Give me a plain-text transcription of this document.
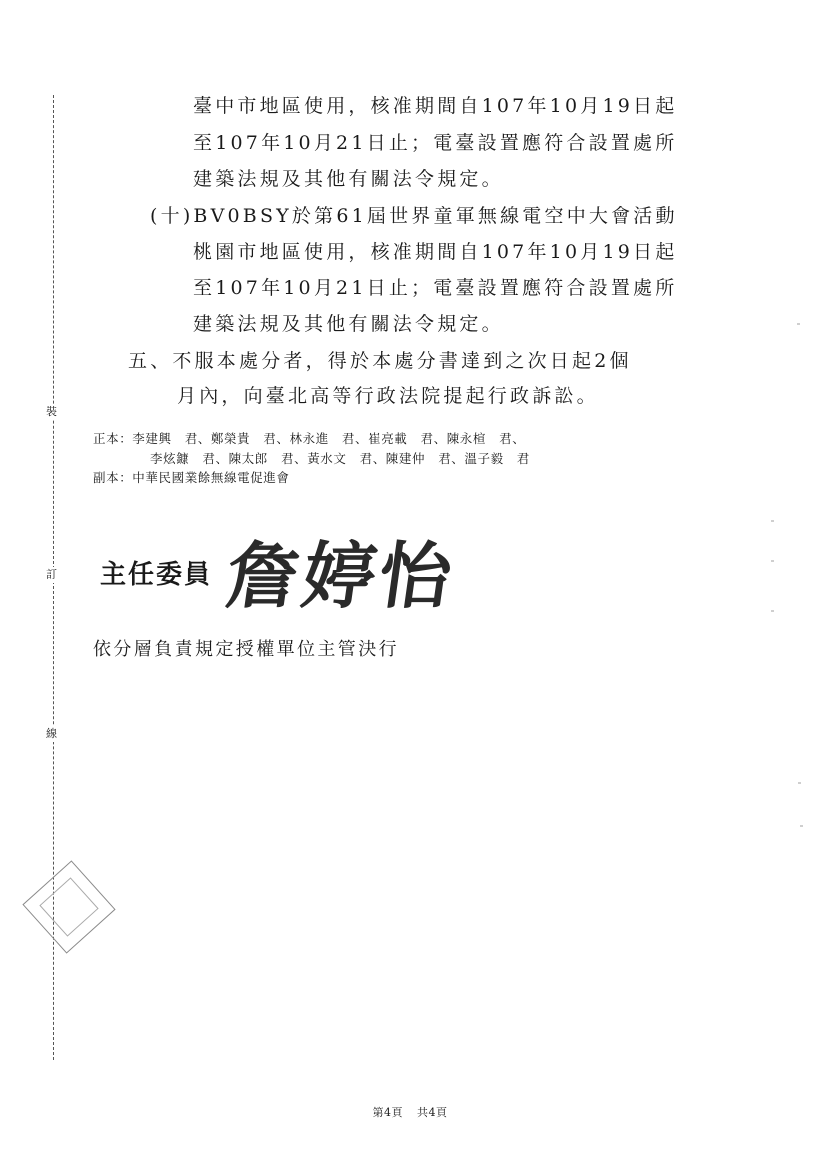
裝
訂
線
臺中市地區使用，核准期間自107年10月19日起
至107年10月21日止；電臺設置應符合設置處所
建築法規及其他有關法令規定。
(十)BV0BSY於第61屆世界童軍無線電空中大會活動
桃園市地區使用，核准期間自107年10月19日起
至107年10月21日止；電臺設置應符合設置處所
建築法規及其他有關法令規定。
五、不服本處分者，得於本處分書達到之次日起2個
月內，向臺北高等行政法院提起行政訴訟。
正本：李建興　君、鄭榮貴　君、林永進　君、崔亮載　君、陳永楦　君、
李炫鏮　君、陳太郎　君、黃水文　君、陳建仲　君、溫子毅　君
副本：中華民國業餘無線電促進會
主任委員 詹婷怡
依分層負責規定授權單位主管決行
第4頁 共4頁
